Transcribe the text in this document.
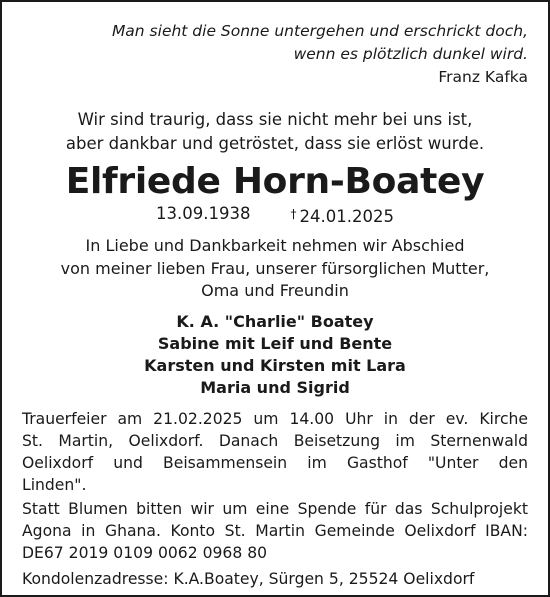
Man sieht die Sonne untergehen und erschrickt doch,
wenn es plötzlich dunkel wird.
Franz Kafka
Wir sind traurig, dass sie nicht mehr bei uns ist,
aber dankbar und getröstet, dass sie erlöst wurde.
Elfriede Horn-Boatey
13.09.1938	† 24.01.2025
In Liebe und Dankbarkeit nehmen wir Abschied
von meiner lieben Frau, unserer fürsorglichen Mutter,
Oma und Freundin
K. A. "Charlie" Boatey
Sabine mit Leif und Bente
Karsten und Kirsten mit Lara
Maria und Sigrid
Trauerfeier am 21.02.2025 um 14.00 Uhr in der ev. Kirche
St. Martin, Oelixdorf. Danach Beisetzung im Sternenwald
Oelixdorf und Beisammensein im Gasthof "Unter den
Linden".
Statt Blumen bitten wir um eine Spende für das Schulprojekt
Agona in Ghana. Konto St. Martin Gemeinde Oelixdorf IBAN:
DE67 2019 0109 0062 0968 80
Kondolenzadresse: K.A.Boatey, Sürgen 5, 25524 Oelixdorf
